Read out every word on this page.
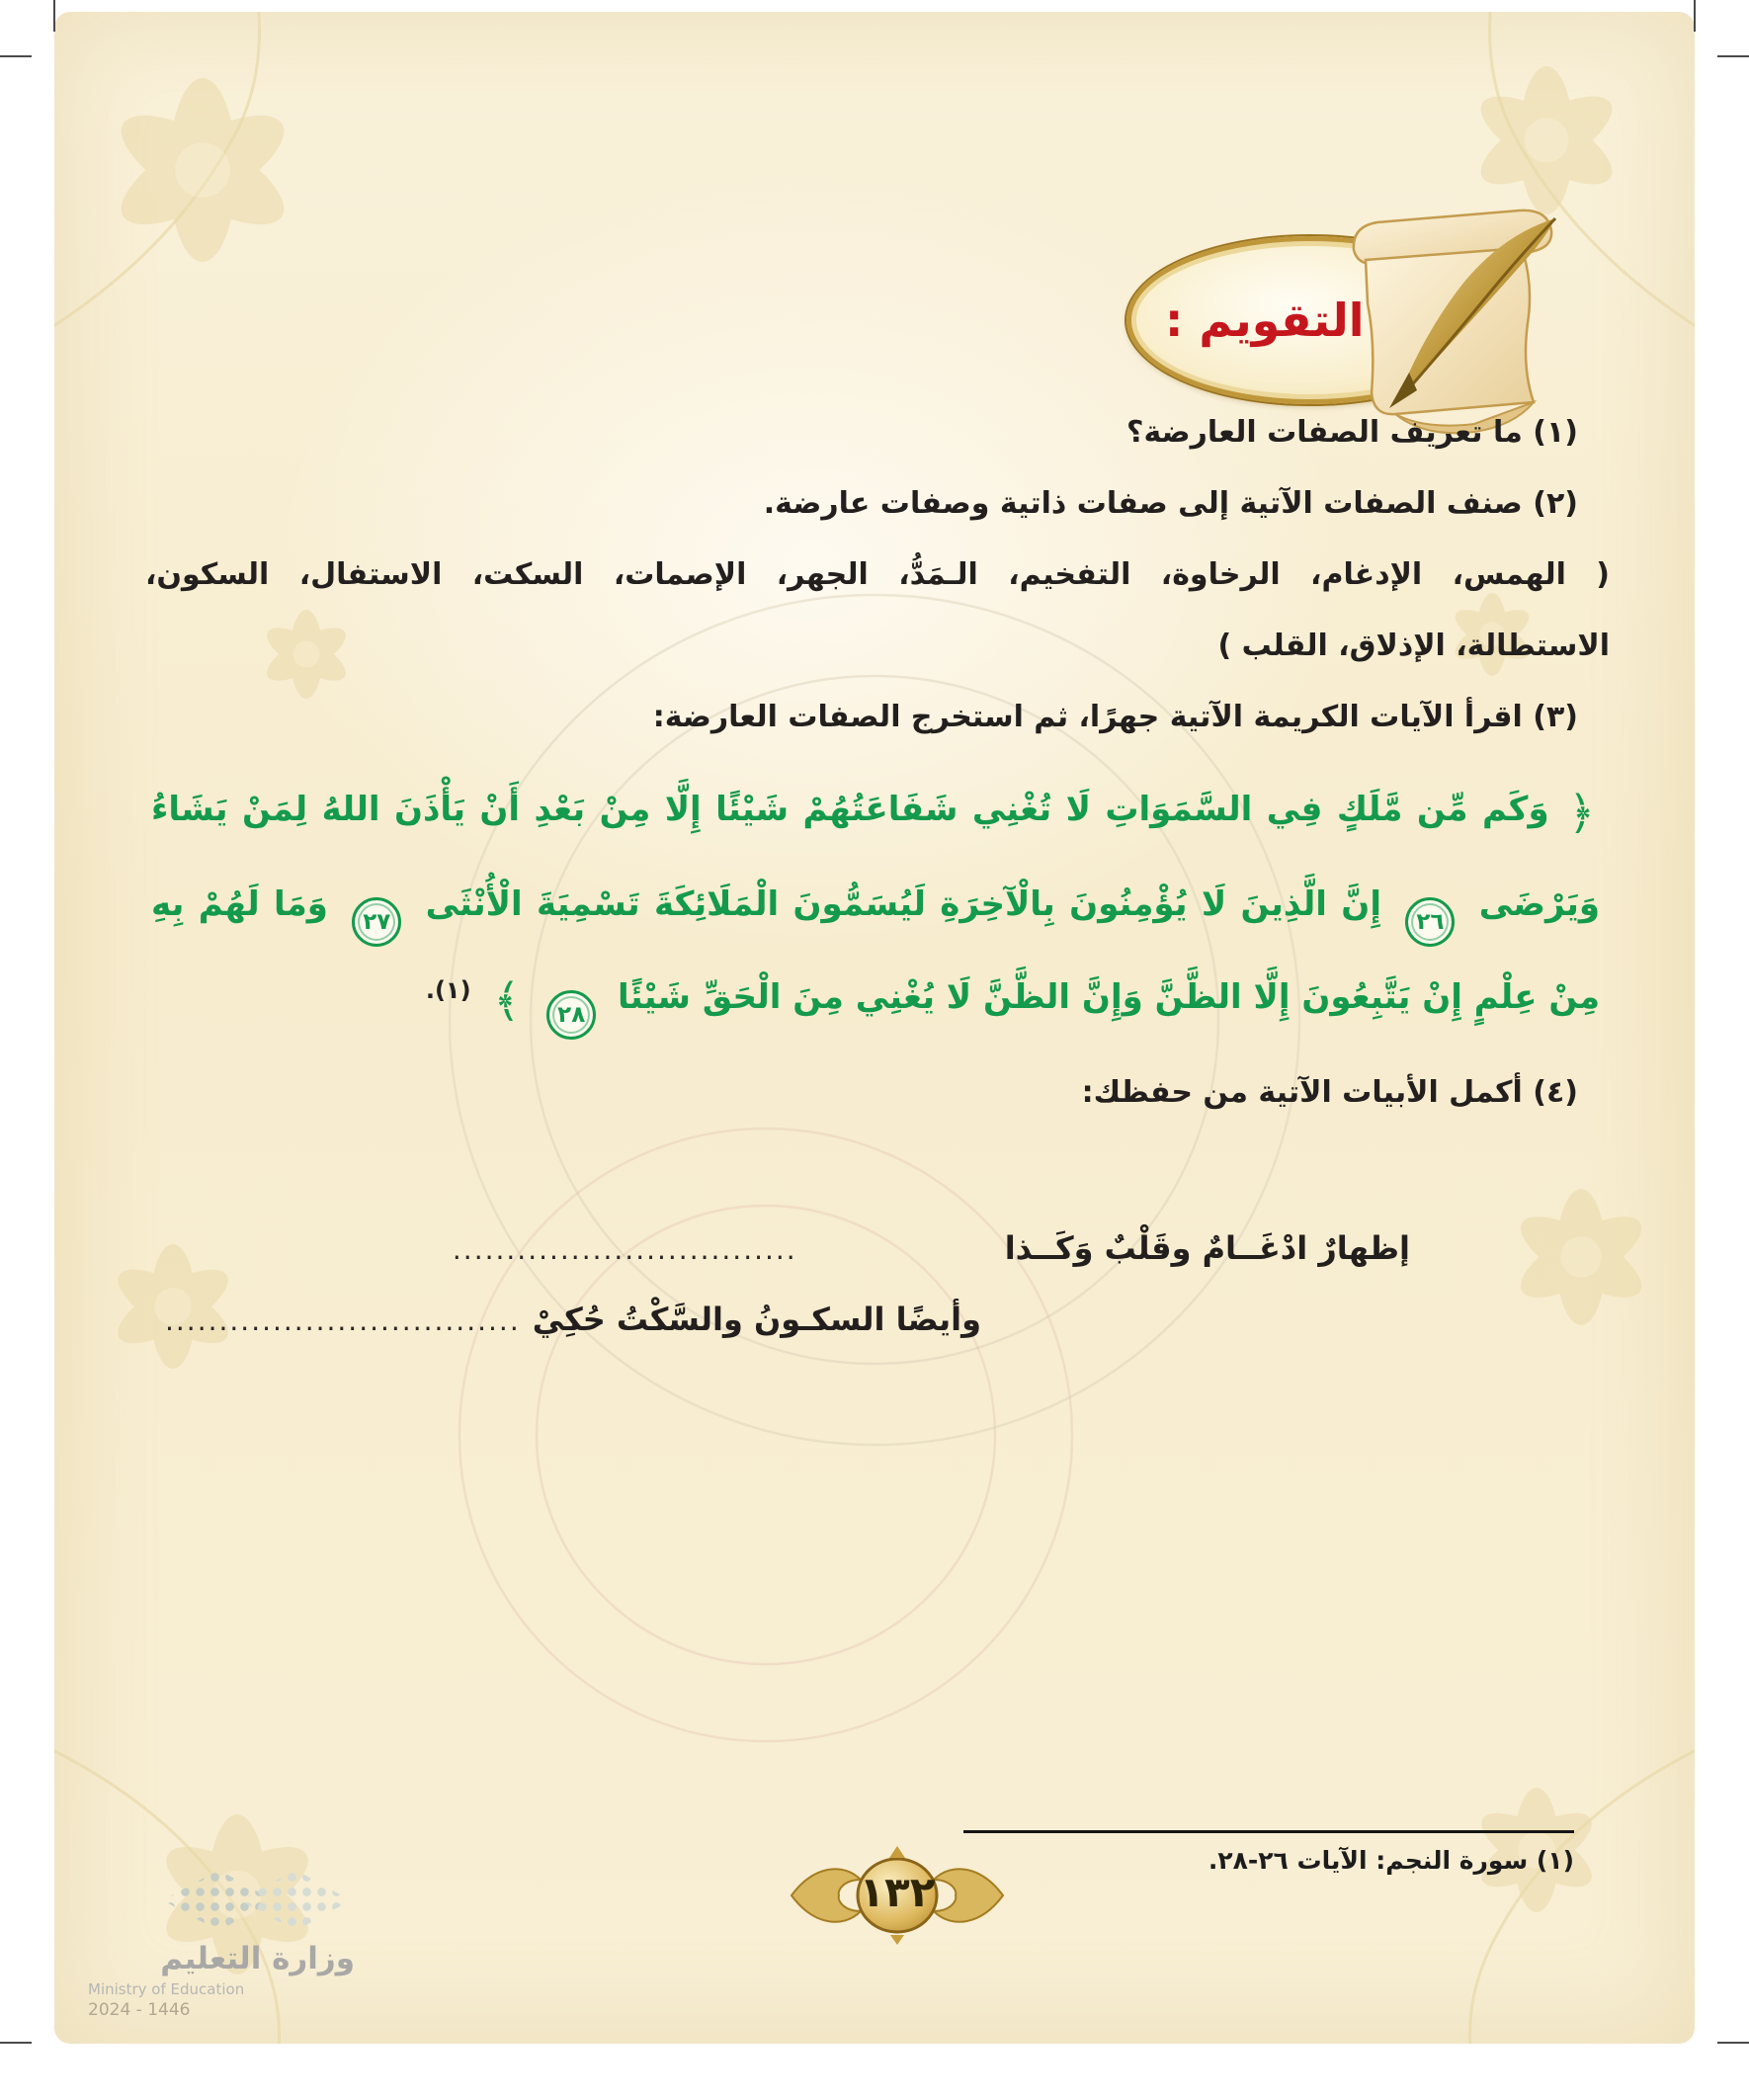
التقويم :

(١) ما تعريف الصفات العارضة؟

(٢) صنف الصفات الآتية إلى صفات ذاتية وصفات عارضة.

( الهمس، الإدغام، الرخاوة، التفخيم، الـمَدُّ، الجهر، الإصمات، السكت، الاستفال، السكون،

الاستطالة، الإذلاق، القلب )

(٣) اقرأ الآيات الكريمة الآتية جهرًا، ثم استخرج الصفات العارضة:

﴿ وَكَم مِّن مَّلَكٍ فِي السَّمَوَاتِ لَا تُغْنِي شَفَاعَتُهُمْ شَيْئًا إِلَّا مِنْ بَعْدِ أَنْ يَأْذَنَ اللهُ لِمَنْ يَشَاءُ وَيَرْضَى
٢٦
إِنَّ الَّذِينَ لَا يُؤْمِنُونَ بِالْآخِرَةِ لَيُسَمُّونَ الْمَلَائِكَةَ تَسْمِيَةَ الْأُنْثَى
٢٧
وَمَا لَهُمْ بِهِ مِنْ عِلْمٍ إِنْ يَتَّبِعُونَ إِلَّا الظَّنَّ وَإِنَّ الظَّنَّ لَا يُغْنِي مِنَ الْحَقِّ شَيْئًا
٢٨
﴾ $^{(١).}$

(٤) أكمل الأبيات الآتية من حفظك:

إظهارٌ ادْغَــامٌ وقَلْبٌ وَكَــذا
................................
وأيضًا السكـونُ والسَّكْتُ حُكِيْ
.................................

(١) سورة النجم: الآيات ٢٦-٢٨.

١٣٢
وزارة التعليم
Ministry of Education
2024 - 1446
